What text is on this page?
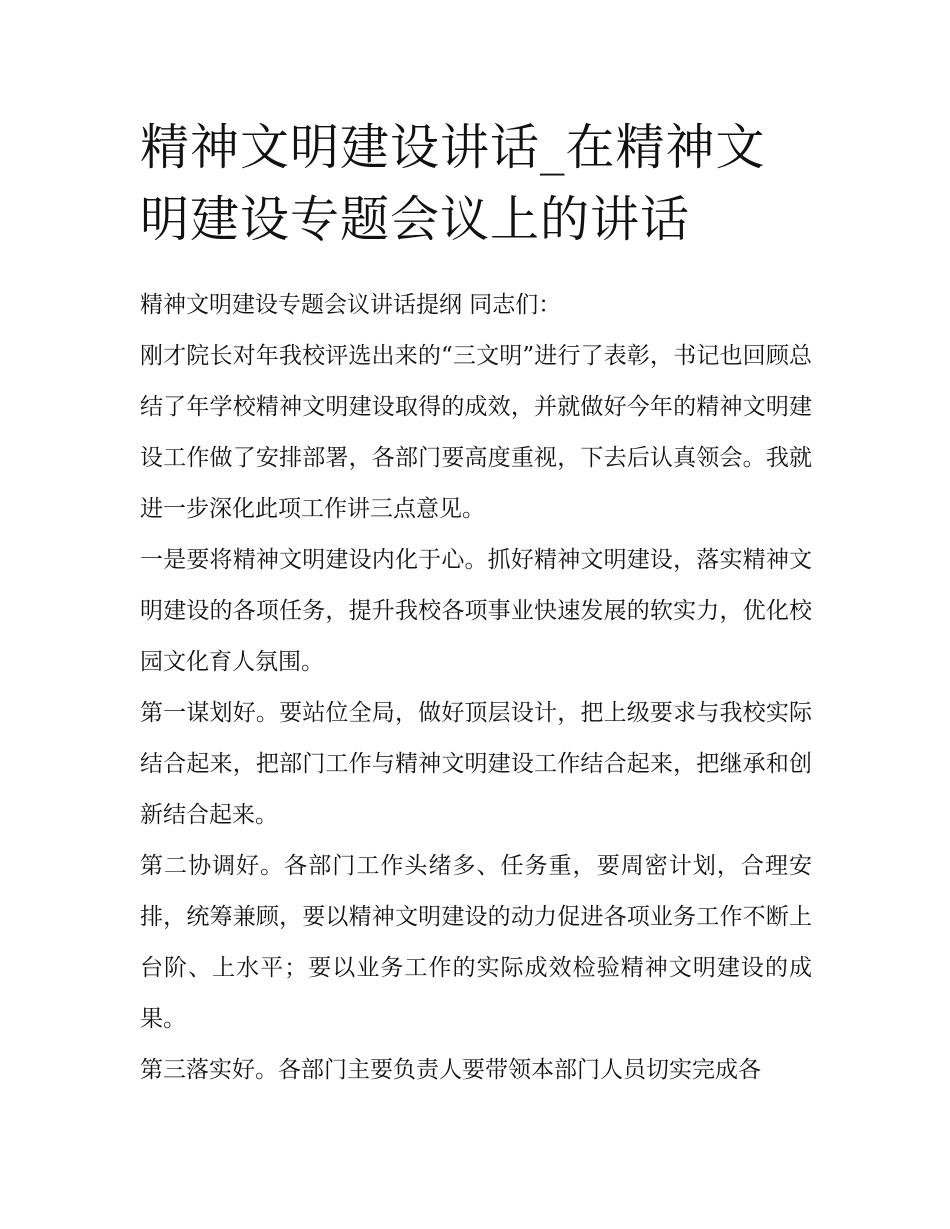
精神文明建设讲话_在精神文明建设专题会议上的讲话

精神文明建设专题会议讲话提纲 同志们：

刚才院长对年我校评选出来的“三文明”进行了表彰，书记也回顾总结了年学校精神文明建设取得的成效，并就做好今年的精神文明建设工作做了安排部署，各部门要高度重视，下去后认真领会。我就进一步深化此项工作讲三点意见。

一是要将精神文明建设内化于心。抓好精神文明建设，落实精神文明建设的各项任务，提升我校各项事业快速发展的软实力，优化校园文化育人氛围。

第一谋划好。要站位全局，做好顶层设计，把上级要求与我校实际结合起来，把部门工作与精神文明建设工作结合起来，把继承和创新结合起来。

第二协调好。各部门工作头绪多、任务重，要周密计划，合理安排，统筹兼顾，要以精神文明建设的动力促进各项业务工作不断上台阶、上水平；要以业务工作的实际成效检验精神文明建设的成果。

第三落实好。各部门主要负责人要带领本部门人员切实完成各
